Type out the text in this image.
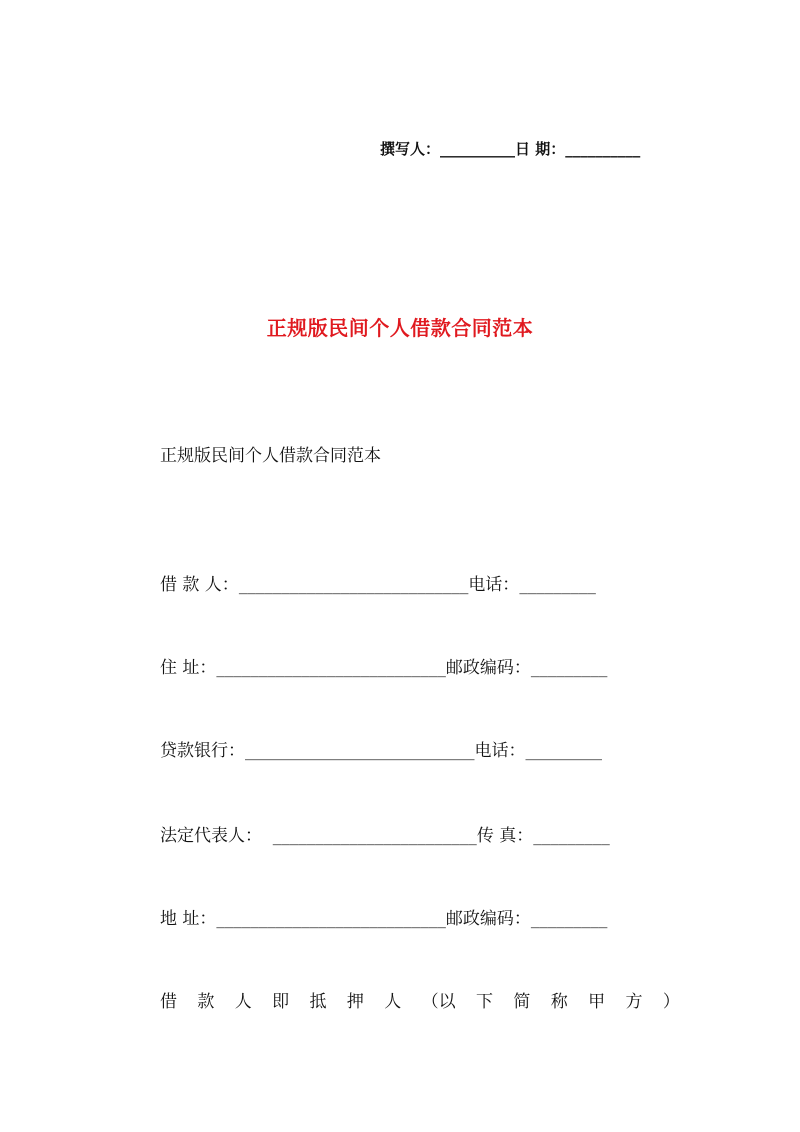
撰写人：__________日 期：__________
正规版民间个人借款合同范本
正规版民间个人借款合同范本
借 款 人：___________________________电话：_________
住 址：___________________________邮政编码：_________
贷款银行：___________________________电话：_________
法定代表人：  ________________________传 真：_________
地 址：___________________________邮政编码：_________
借 款 人 即 抵 押 人 （以 下 简 称 甲 方 ）
